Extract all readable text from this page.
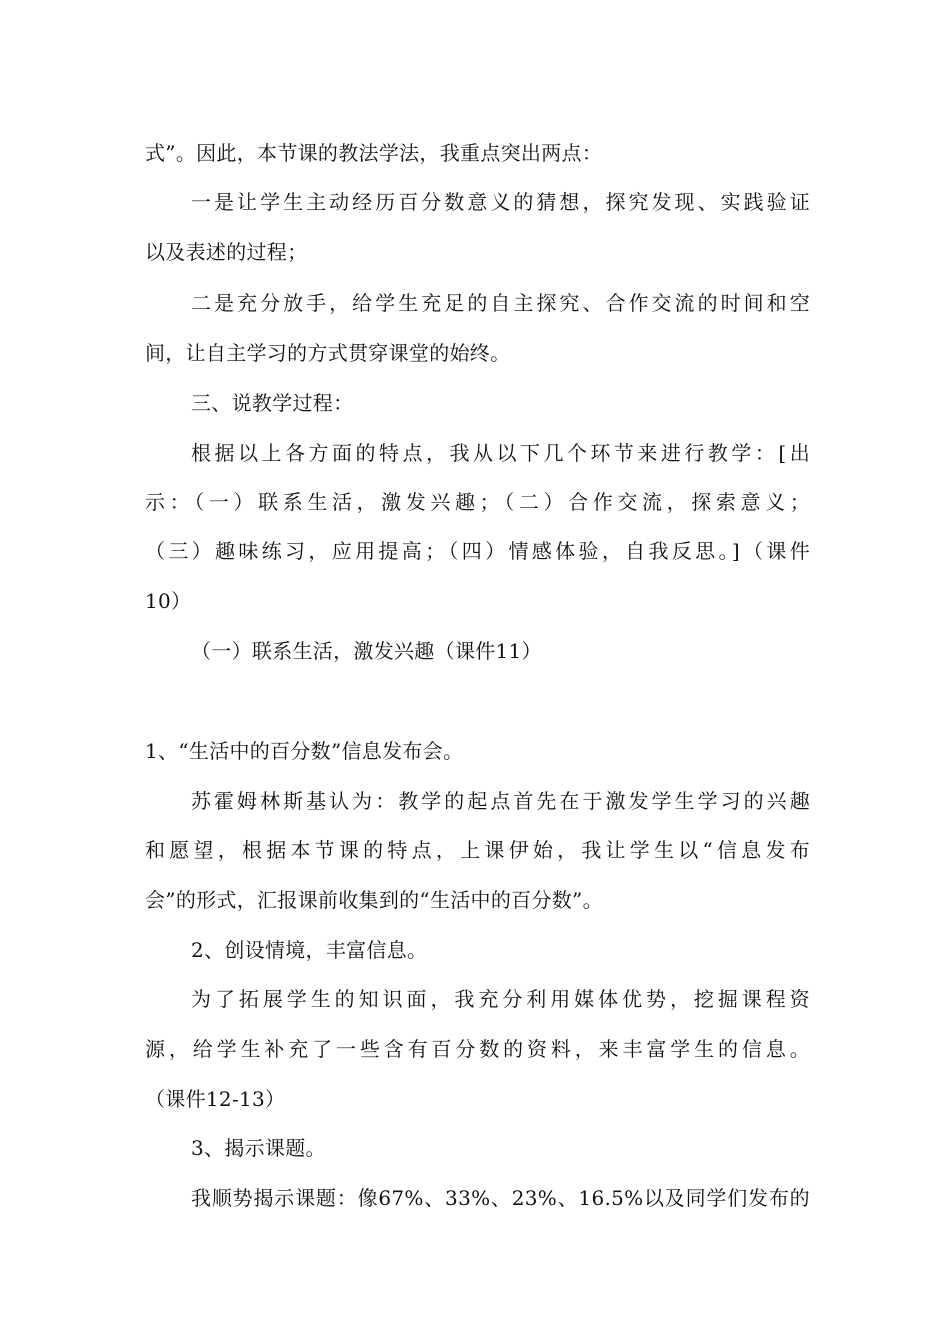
式”。因此，本节课的教法学法，我重点突出两点：
一是让学生主动经历百分数意义的猜想，探究发现、实践验证
以及表述的过程；
二是充分放手，给学生充足的自主探究、合作交流的时间和空
间，让自主学习的方式贯穿课堂的始终。
三、说教学过程：
根据以上各方面的特点，我从以下几个环节来进行教学：[出
示：（一）联系生活，激发兴趣；（二）合作交流，探索意义；
（三）趣味练习，应用提高；（四）情感体验，自我反思。]（课件
10）
（一）联系生活，激发兴趣（课件11）
1、“生活中的百分数”信息发布会。
苏霍姆林斯基认为：教学的起点首先在于激发学生学习的兴趣
和愿望，根据本节课的特点，上课伊始，我让学生以“信息发布
会”的形式，汇报课前收集到的“生活中的百分数”。
2、创设情境，丰富信息。
为了拓展学生的知识面，我充分利用媒体优势，挖掘课程资
源，给学生补充了一些含有百分数的资料，来丰富学生的信息。
（课件12-13）
3、揭示课题。
我顺势揭示课题：像67%、33%、23%、16.5%以及同学们发布的
